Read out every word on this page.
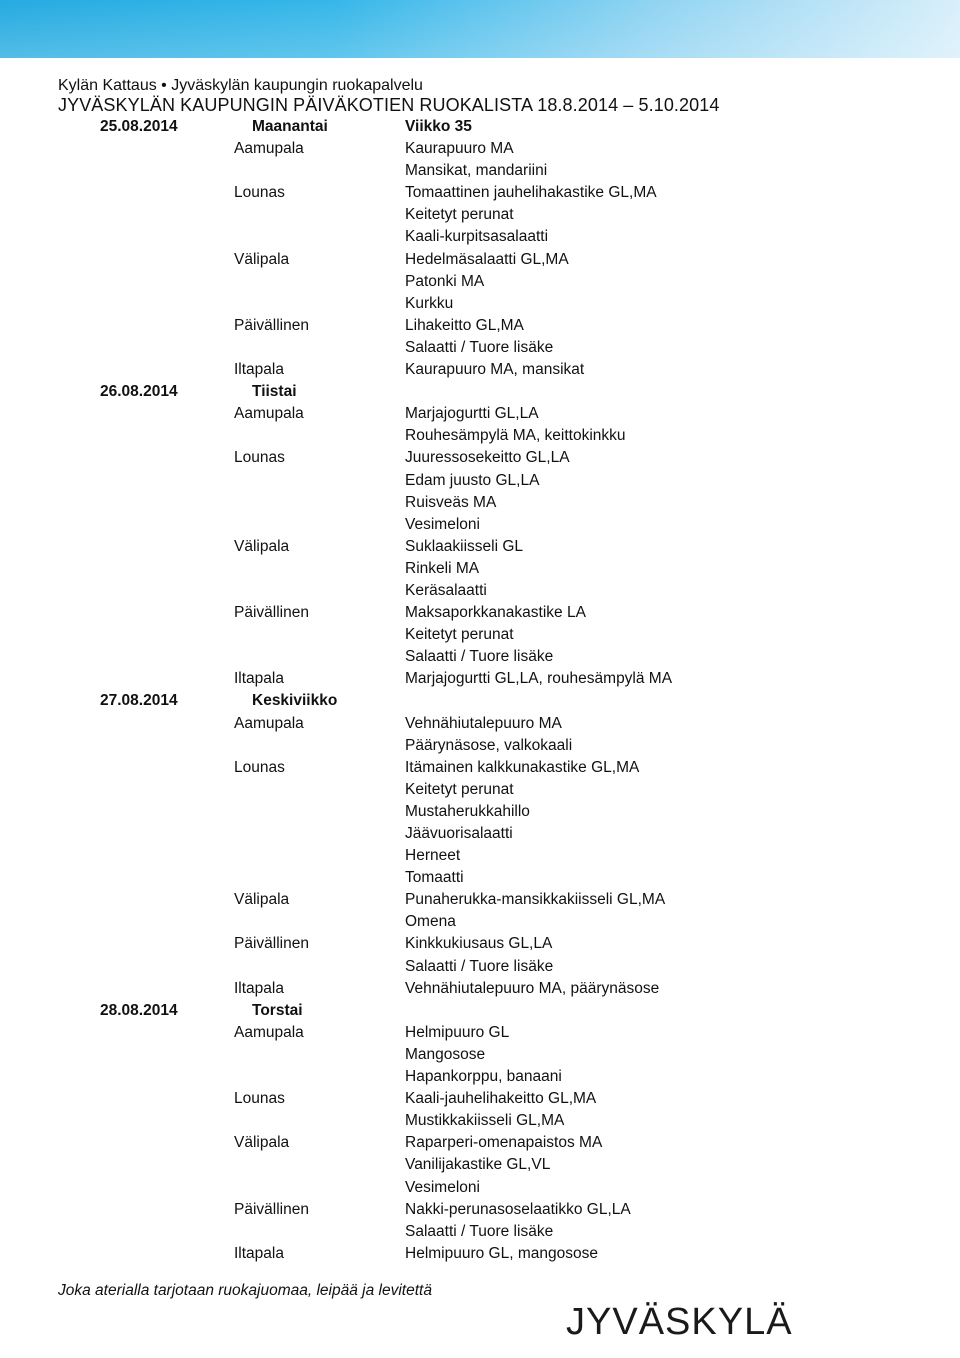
Kylän Kattaus • Jyväskylän kaupungin ruokapalvelu
JYVÄSKYLÄN KAUPUNGIN PÄIVÄKOTIEN RUOKALISTA 18.8.2014 – 5.10.2014
25.08.2014	Maanantai	Viikko 35
Aamupala	Kaurapuuro MA
Mansikat, mandariini
Lounas	Tomaattinen jauhelihakastike GL,MA
Keitetyt perunat
Kaali-kurpitsasalaatti
Välipala	Hedelmäsalaatti GL,MA
Patonki MA
Kurkku
Päivällinen	Lihakeitto GL,MA
Salaatti / Tuore lisäke
Iltapala	Kaurapuuro MA, mansikat
26.08.2014	Tiistai
Aamupala	Marjajogurtti GL,LA
Rouhesämpylä MA, keittokinkku
Lounas	Juuressosekeitto GL,LA
Edam juusto GL,LA
Ruisveäs MA
Vesimeloni
Välipala	Suklaakiisseli GL
Rinkeli MA
Keräsalaatti
Päivällinen	Maksaporkkanakastike LA
Keitetyt perunat
Salaatti / Tuore lisäke
Iltapala	Marjajogurtti GL,LA, rouhesämpylä MA
27.08.2014	Keskiviikko
Aamupala	Vehnähiutalepuuro MA
Päärynäsose, valkokaali
Lounas	Itämainen kalkkunakastike GL,MA
Keitetyt perunat
Mustaherukkahillo
Jäävuorisalaatti
Herneet
Tomaatti
Välipala	Punaherukka-mansikkakiisseli GL,MA
Omena
Päivällinen	Kinkkukiusaus GL,LA
Salaatti / Tuore lisäke
Iltapala	Vehnähiutalepuuro MA, päärynäsose
28.08.2014	Torstai
Aamupala	Helmipuuro GL
Mangosose
Hapankorppu, banaani
Lounas	Kaali-jauhelihakeitto GL,MA
Mustikkakiisseli GL,MA
Välipala	Raparperi-omenapaistos MA
Vanilijakastike GL,VL
Vesimeloni
Päivällinen	Nakki-perunasoselaatikko GL,LA
Salaatti / Tuore lisäke
Iltapala	Helmipuuro GL, mangosose
Joka aterialla tarjotaan ruokajuomaa, leipää ja levitettä
JYVÄSKYLÄ
